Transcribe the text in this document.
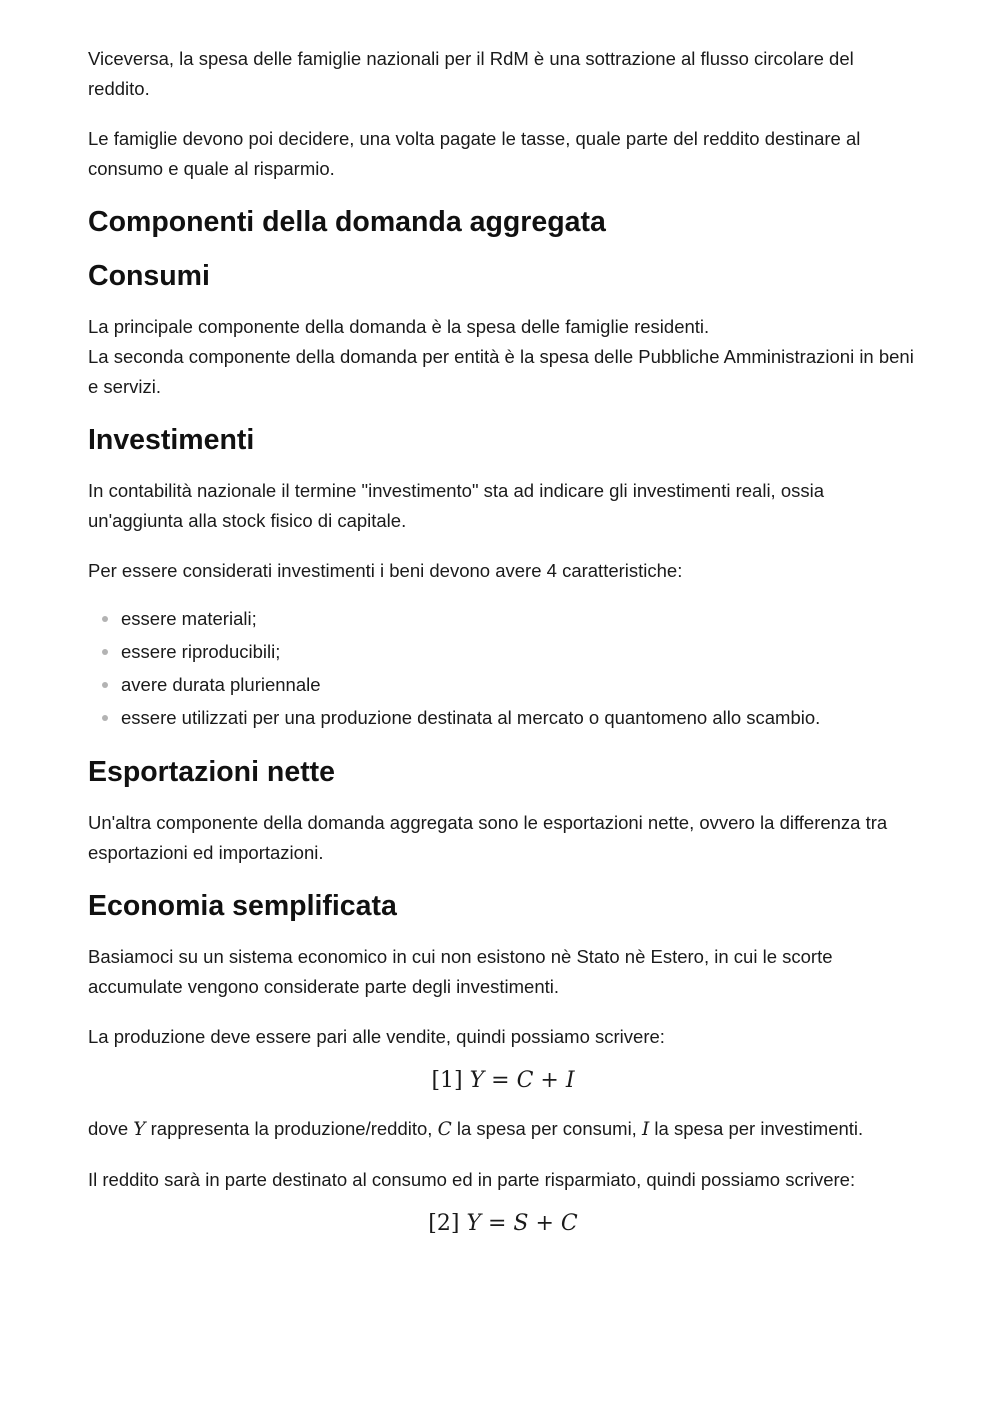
Viceversa, la spesa delle famiglie nazionali per il RdM è una sottrazione al flusso circolare del reddito.

Le famiglie devono poi decidere, una volta pagate le tasse, quale parte del reddito destinare al consumo e quale al risparmio.

Componenti della domanda aggregata
Consumi

La principale componente della domanda è la spesa delle famiglie residenti.
La seconda componente della domanda per entità è la spesa delle Pubbliche Amministrazioni in beni e servizi.

Investimenti

In contabilità nazionale il termine "investimento" sta ad indicare gli investimenti reali, ossia un'aggiunta alla stock fisico di capitale.

Per essere considerati investimenti i beni devono avere 4 caratteristiche:

essere materiali;
essere riproducibili;
avere durata pluriennale
essere utilizzati per una produzione destinata al mercato o quantomeno allo scambio.
Esportazioni nette

Un'altra componente della domanda aggregata sono le esportazioni nette, ovvero la differenza tra esportazioni ed importazioni.

Economia semplificata

Basiamoci su un sistema economico in cui non esistono nè Stato nè Estero, in cui le scorte accumulate vengono considerate parte degli investimenti.

La produzione deve essere pari alle vendite, quindi possiamo scrivere:

[1] Y = C + I

dove Y rappresenta la produzione/reddito, C la spesa per consumi, I la spesa per investimenti.

Il reddito sarà in parte destinato al consumo ed in parte risparmiato, quindi possiamo scrivere:

[2] Y = S + C
